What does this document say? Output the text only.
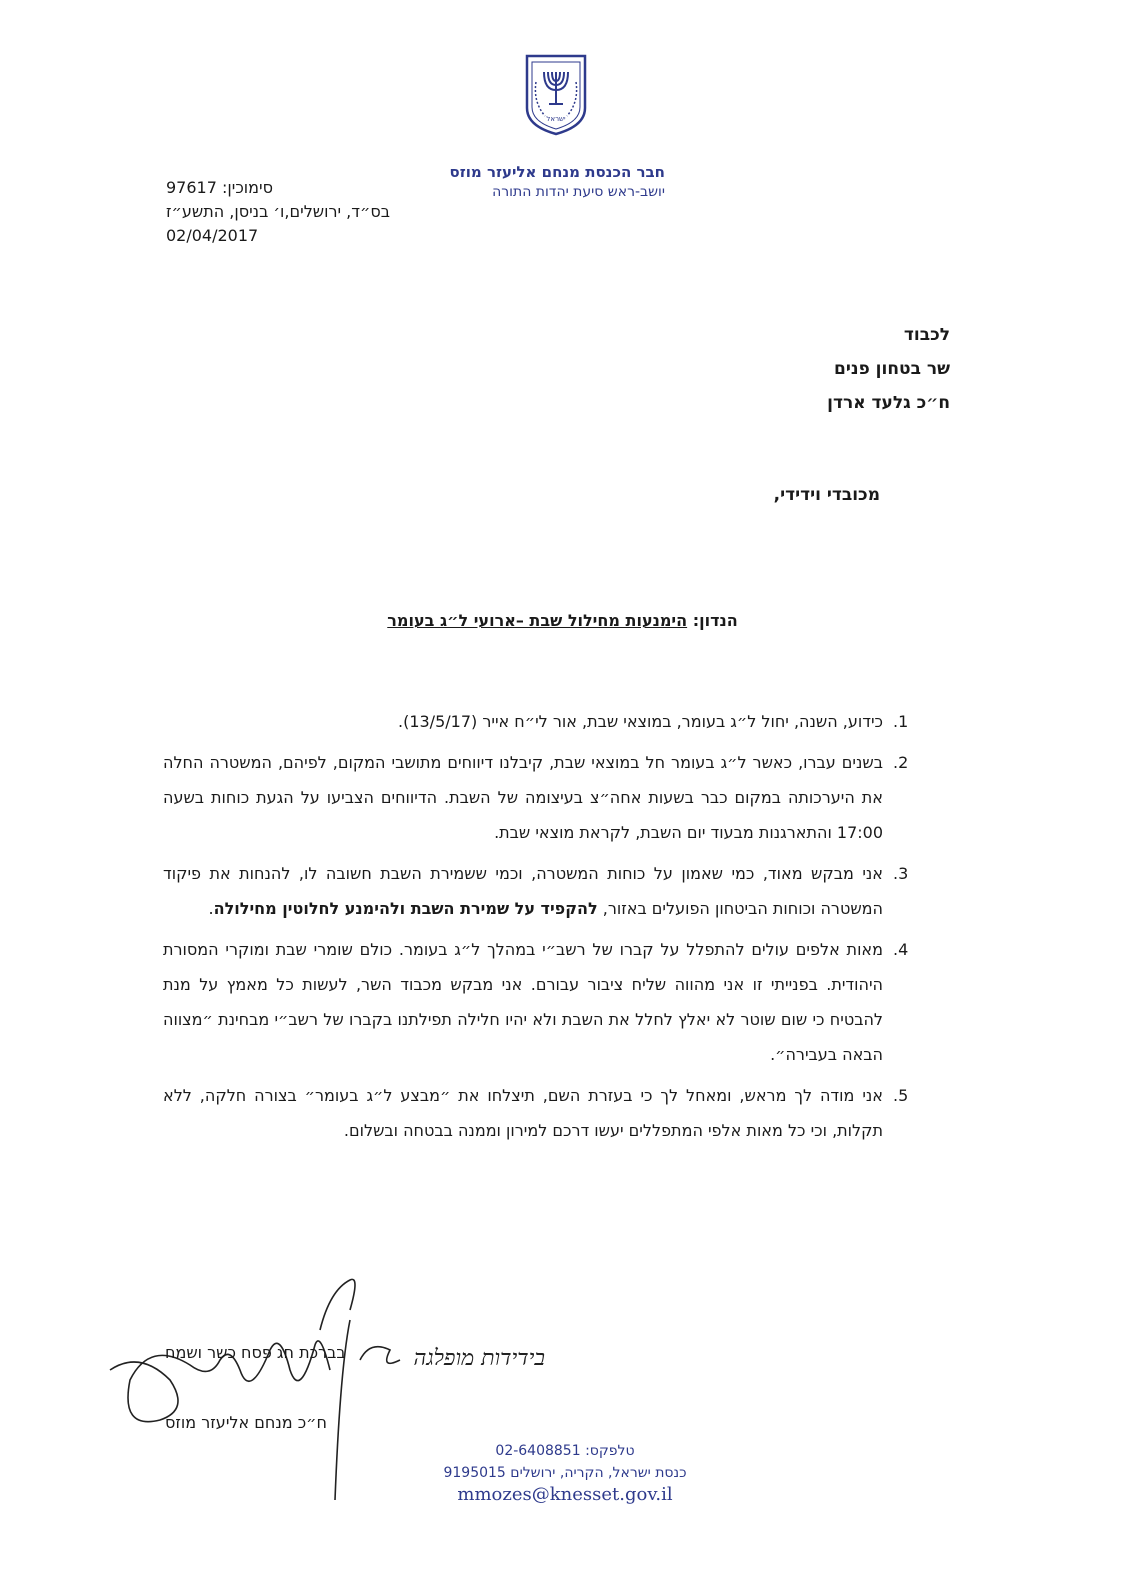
ישראל
חבר הכנסת מנחם אליעזר מוזס
יושב-ראש סיעת יהדות התורה
סימוכין: 97617
בס״ד, ירושלים,ו׳ בניסן, התשע״ז
02/04/2017
לכבוד
שר בטחון פנים
ח״כ גלעד ארדן
מכובדי וידידי,
הנדון: הימנעות מחילול שבת –ארועי ל״ג בעומר
1.
כידוע, השנה, יחול ל״ג בעומר, במוצאי שבת, אור לי״ח אייר (13/5/17).
2.
בשנים עברו, כאשר ל״ג בעומר חל במוצאי שבת, קיבלנו דיווחים מתושבי המקום, לפיהם, המשטרה החלה את היערכותה במקום כבר בשעות אחה״צ בעיצומה של השבת. הדיווחים הצביעו על הגעת כוחות בשעה 17:00 והתארגנות מבעוד יום השבת, לקראת מוצאי שבת.
3.
אני מבקש מאוד, כמי שאמון על כוחות המשטרה, וכמי ששמירת השבת חשובה לו, להנחות את פיקוד המשטרה וכוחות הביטחון הפועלים באזור, להקפיד על שמירת השבת ולהימנע לחלוטין מחילולה.
4.
מאות אלפים עולים להתפלל על קברו של רשב״י במהלך ל״ג בעומר. כולם שומרי שבת ומוקרי המסורת היהודית. בפנייתי זו אני מהווה שליח ציבור עבורם. אני מבקש מכבוד השר, לעשות כל מאמץ על מנת להבטיח כי שום שוטר לא יאלץ לחלל את השבת ולא יהיו חלילה תפילתנו בקברו של רשב״י מבחינת ״מצווה הבאה בעבירה״.
5.
אני מודה לך מראש, ומאחל לך כי בעזרת השם, תיצלחו את ״מבצע ל״ג בעומר״ בצורה חלקה, ללא תקלות, וכי כל מאות אלפי המתפללים יעשו דרכם למירון וממנה בבטחה ובשלום.
בידידות מופלגה
בברכת חג פסח כשר ושמח
ח״כ מנחם אליעזר מוזס
טלפקס: 02-6408851
כנסת ישראל, הקריה, ירושלים 9195015
mmozes@knesset.gov.il
